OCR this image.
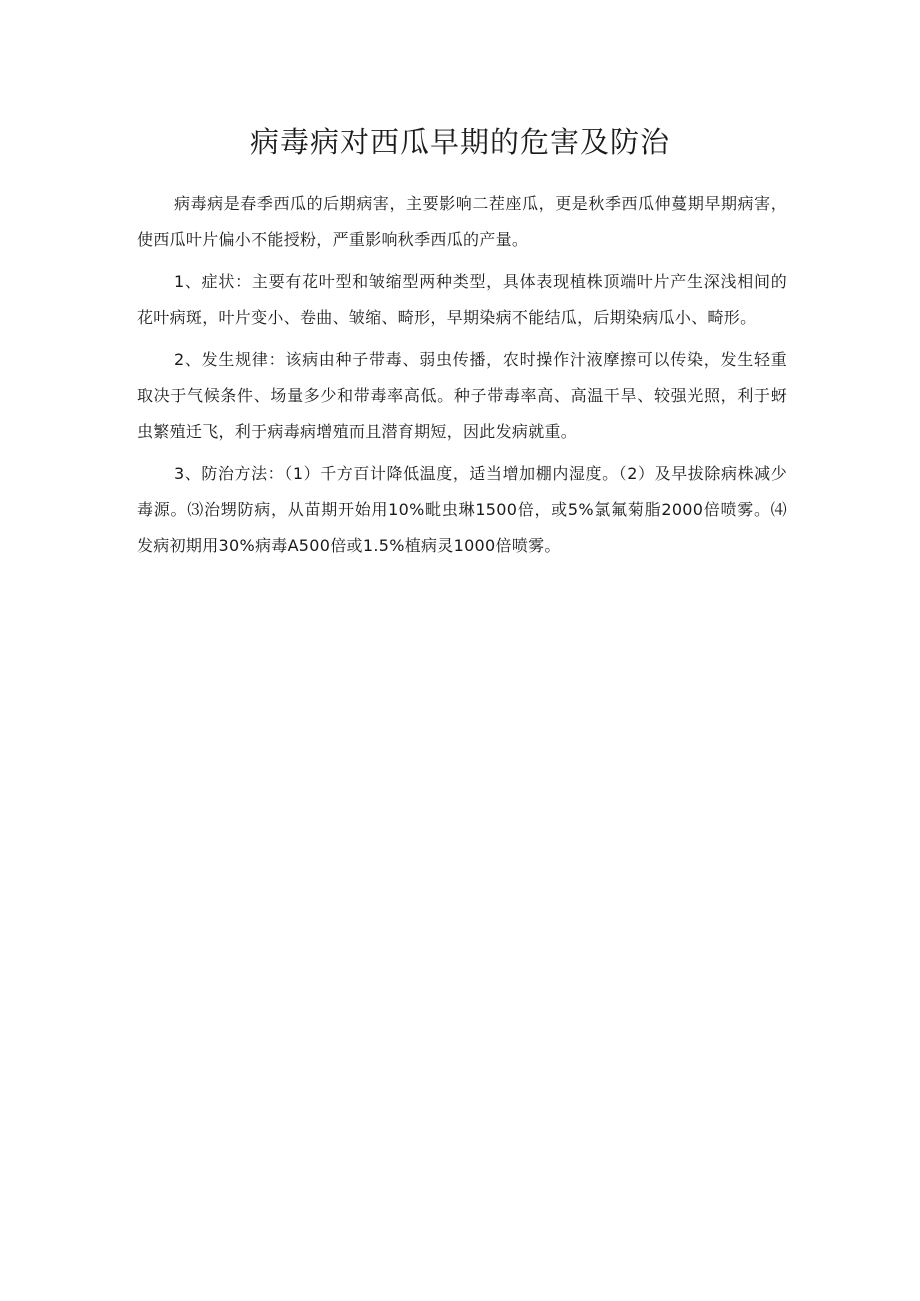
病毒病对西瓜早期的危害及防治

病毒病是春季西瓜的后期病害，主要影响二茬座瓜，更是秋季西瓜伸蔓期早期病害，使西瓜叶片偏小不能授粉，严重影响秋季西瓜的产量。

1、症状：主要有花叶型和皱缩型两种类型，具体表现植株顶端叶片产生深浅相间的花叶病斑，叶片变小、卷曲、皱缩、畸形，早期染病不能结瓜，后期染病瓜小、畸形。

2、发生规律：该病由种子带毒、弱虫传播，农时操作汁液摩擦可以传染，发生轻重取决于气候条件、场量多少和带毒率高低。种子带毒率高、高温干旱、较强光照，利于蚜虫繁殖迁飞，利于病毒病增殖而且潜育期短，因此发病就重。

3、防治方法：（1）千方百计降低温度，适当增加棚内湿度。（2）及早拔除病株减少毒源。⑶治甥防病，从苗期开始用10%毗虫琳1500倍，或5%氯氟菊脂2000倍喷雾。⑷发病初期用30%病毒A500倍或1.5%植病灵1000倍喷雾。
